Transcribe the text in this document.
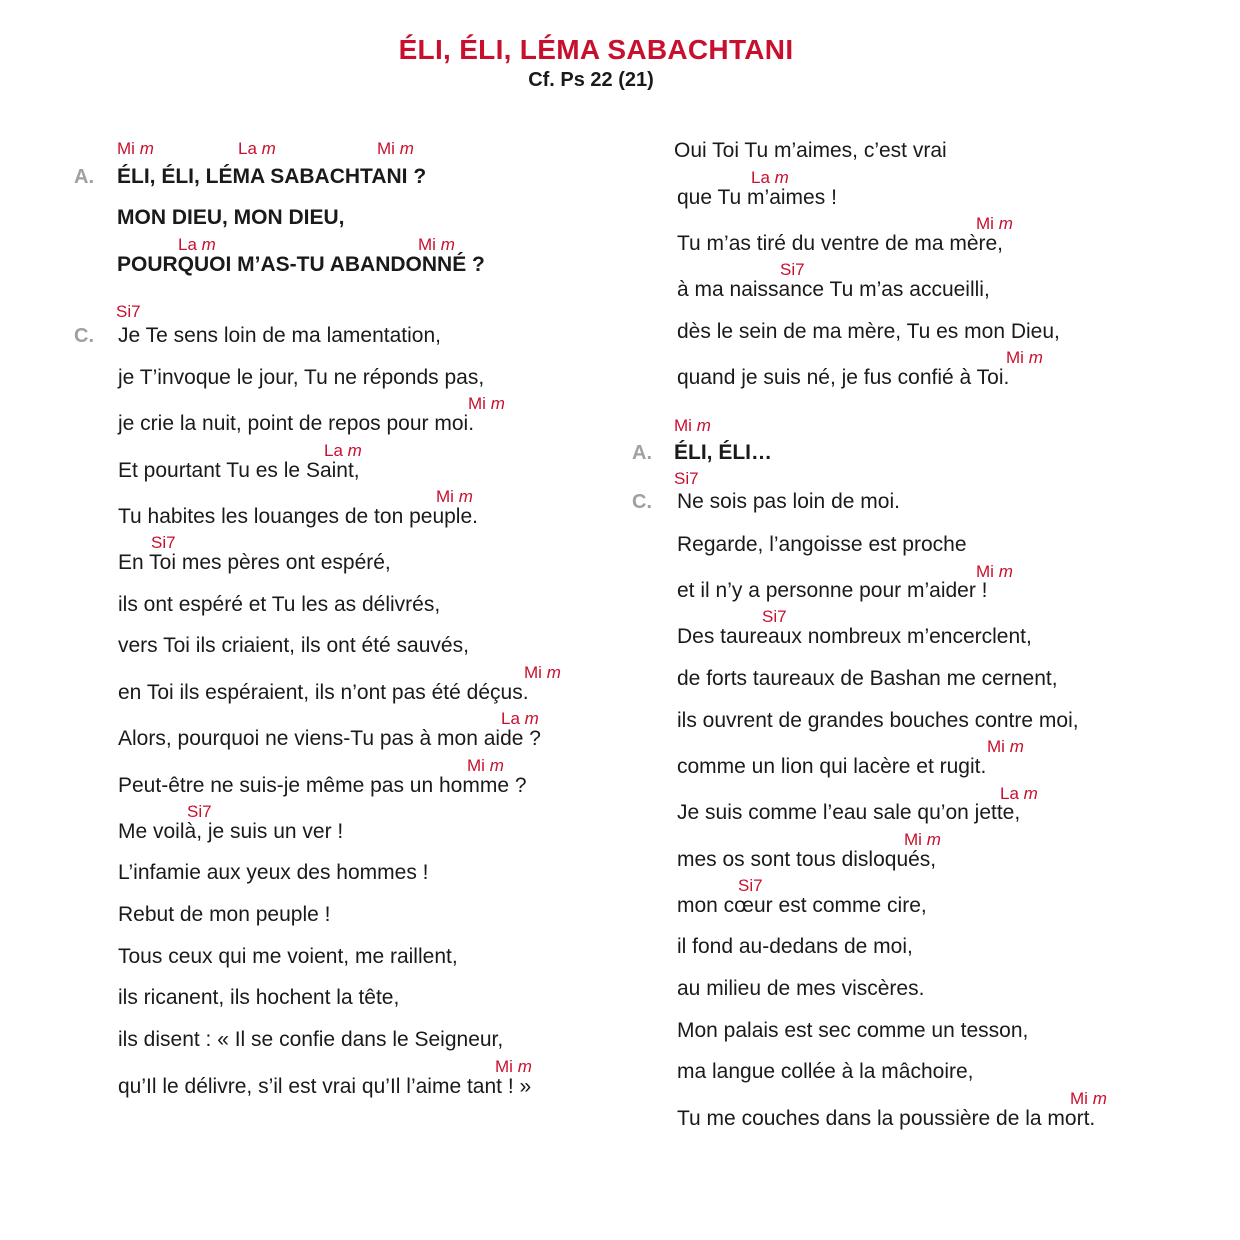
ÉLI, ÉLI, LÉMA SABACHTANI
Cf. Ps 22 (21)
Mi m	La m	Mi m
A. ÉLI, ÉLI, LÉMA SABACHTANI ?
MON DIEU, MON DIEU,
La m	Mi m
POURQUOI M’AS-TU ABANDONNÉ ?
Si7
C. Je Te sens loin de ma lamentation,
je T’invoque le jour, Tu ne réponds pas,
Mi m
je crie la nuit, point de repos pour moi.
La m
Et pourtant Tu es le Saint,
Mi m
Tu habites les louanges de ton peuple.
Si7
En Toi mes pères ont espéré,
ils ont espéré et Tu les as délivrés,
vers Toi ils criaient, ils ont été sauvés,
Mi m
en Toi ils espéraient, ils n’ont pas été déçus.
La m
Alors, pourquoi ne viens-Tu pas à mon aide ?
Mi m
Peut-être ne suis-je même pas un homme ?
Si7
Me voilà, je suis un ver !
L’infamie aux yeux des hommes !
Rebut de mon peuple !
Tous ceux qui me voient, me raillent,
ils ricanent, ils hochent la tête,
ils disent : « Il se confie dans le Seigneur,
Mi m
qu’Il le délivre, s’il est vrai qu’Il l’aime tant ! »
Oui Toi Tu m’aimes, c’est vrai
La m
que Tu m’aimes !
Mi m
Tu m’as tiré du ventre de ma mère,
Si7
à ma naissance Tu m’as accueilli,
dès le sein de ma mère, Tu es mon Dieu,
Mi m
quand je suis né, je fus confié à Toi.
Mi m
A. ÉLI, ÉLI…
Si7
C. Ne sois pas loin de moi.
Regarde, l’angoisse est proche
Mi m
et il n’y a personne pour m’aider !
Si7
Des taureaux nombreux m’encerclent,
de forts taureaux de Bashan me cernent,
ils ouvrent de grandes bouches contre moi,
Mi m
comme un lion qui lacère et rugit.
La m
Je suis comme l’eau sale qu’on jette,
Mi m
mes os sont tous disloqués,
Si7
mon cœur est comme cire,
il fond au-dedans de moi,
au milieu de mes viscères.
Mon palais est sec comme un tesson,
ma langue collée à la mâchoire,
Mi m
Tu me couches dans la poussière de la mort.
